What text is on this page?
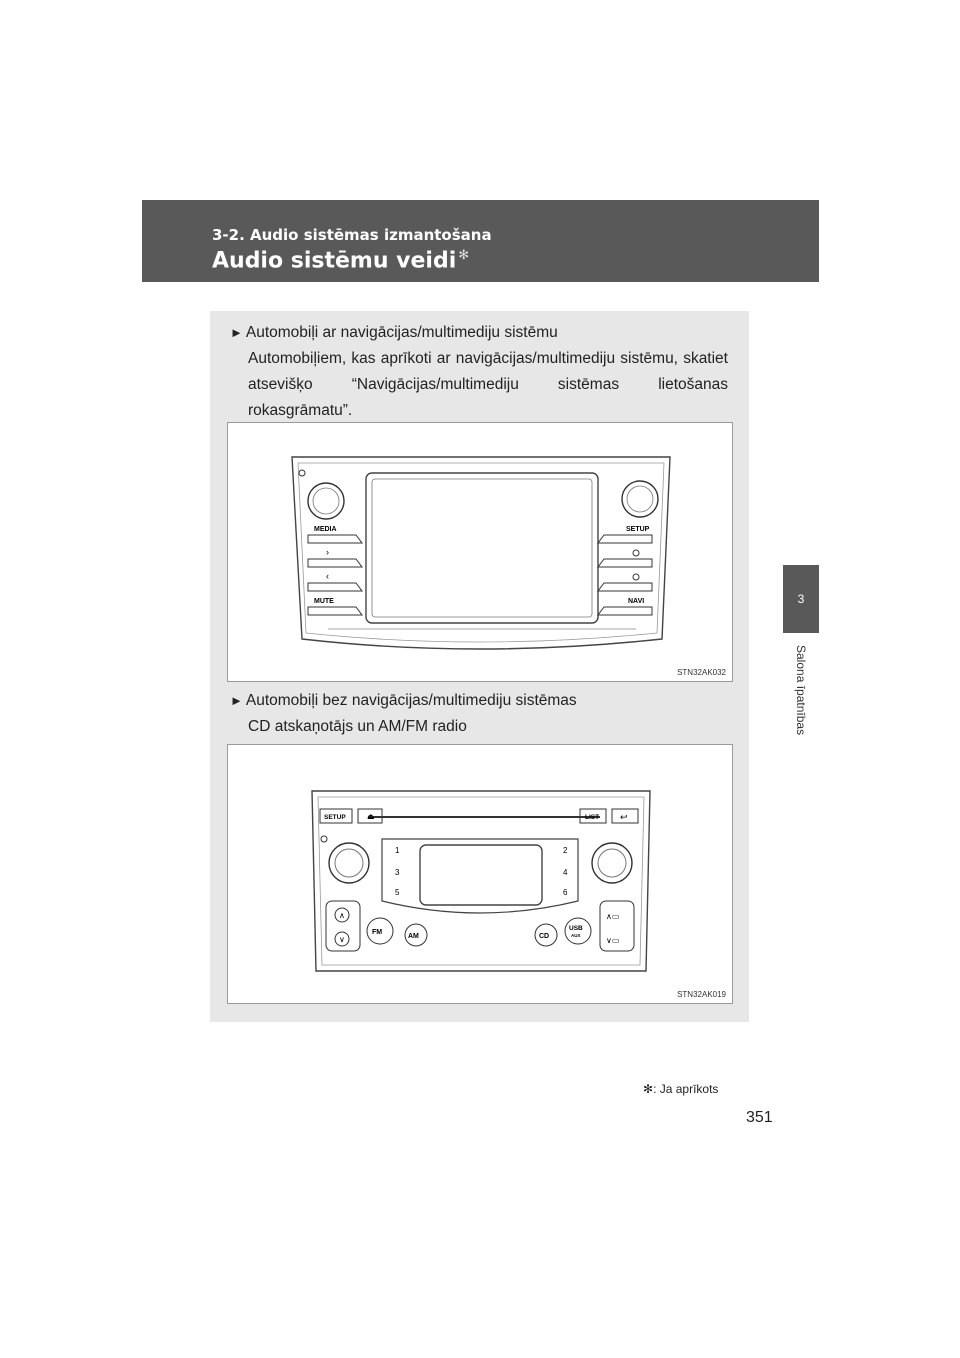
3-2. Audio sistēmas izmantošana
Audio sistēmu veidi ✻
3
Salona īpatnības
► Automobiļi ar navigācijas/multimediju sistēmu
Automobiļiem, kas aprīkoti ar navigācijas/multimediju sistēmu, skatiet atsevišķo “Navigācijas/multimediju sistēmas lietošanas rokasgrāmatu”.
MEDIA
›
‹
MUTE
SETUP
NAVI
STN32AK032
► Automobiļi bez navigācijas/multimediju sistēmas
CD atskaņotājs un AM/FM radio
SETUP	⏏	LIST ↩
1
3
5
2
4
6
∧
∨
FM
AM	CD
USB
AUX
∧▭
∨▭
STN32AK019
✻: Ja aprīkots
351
